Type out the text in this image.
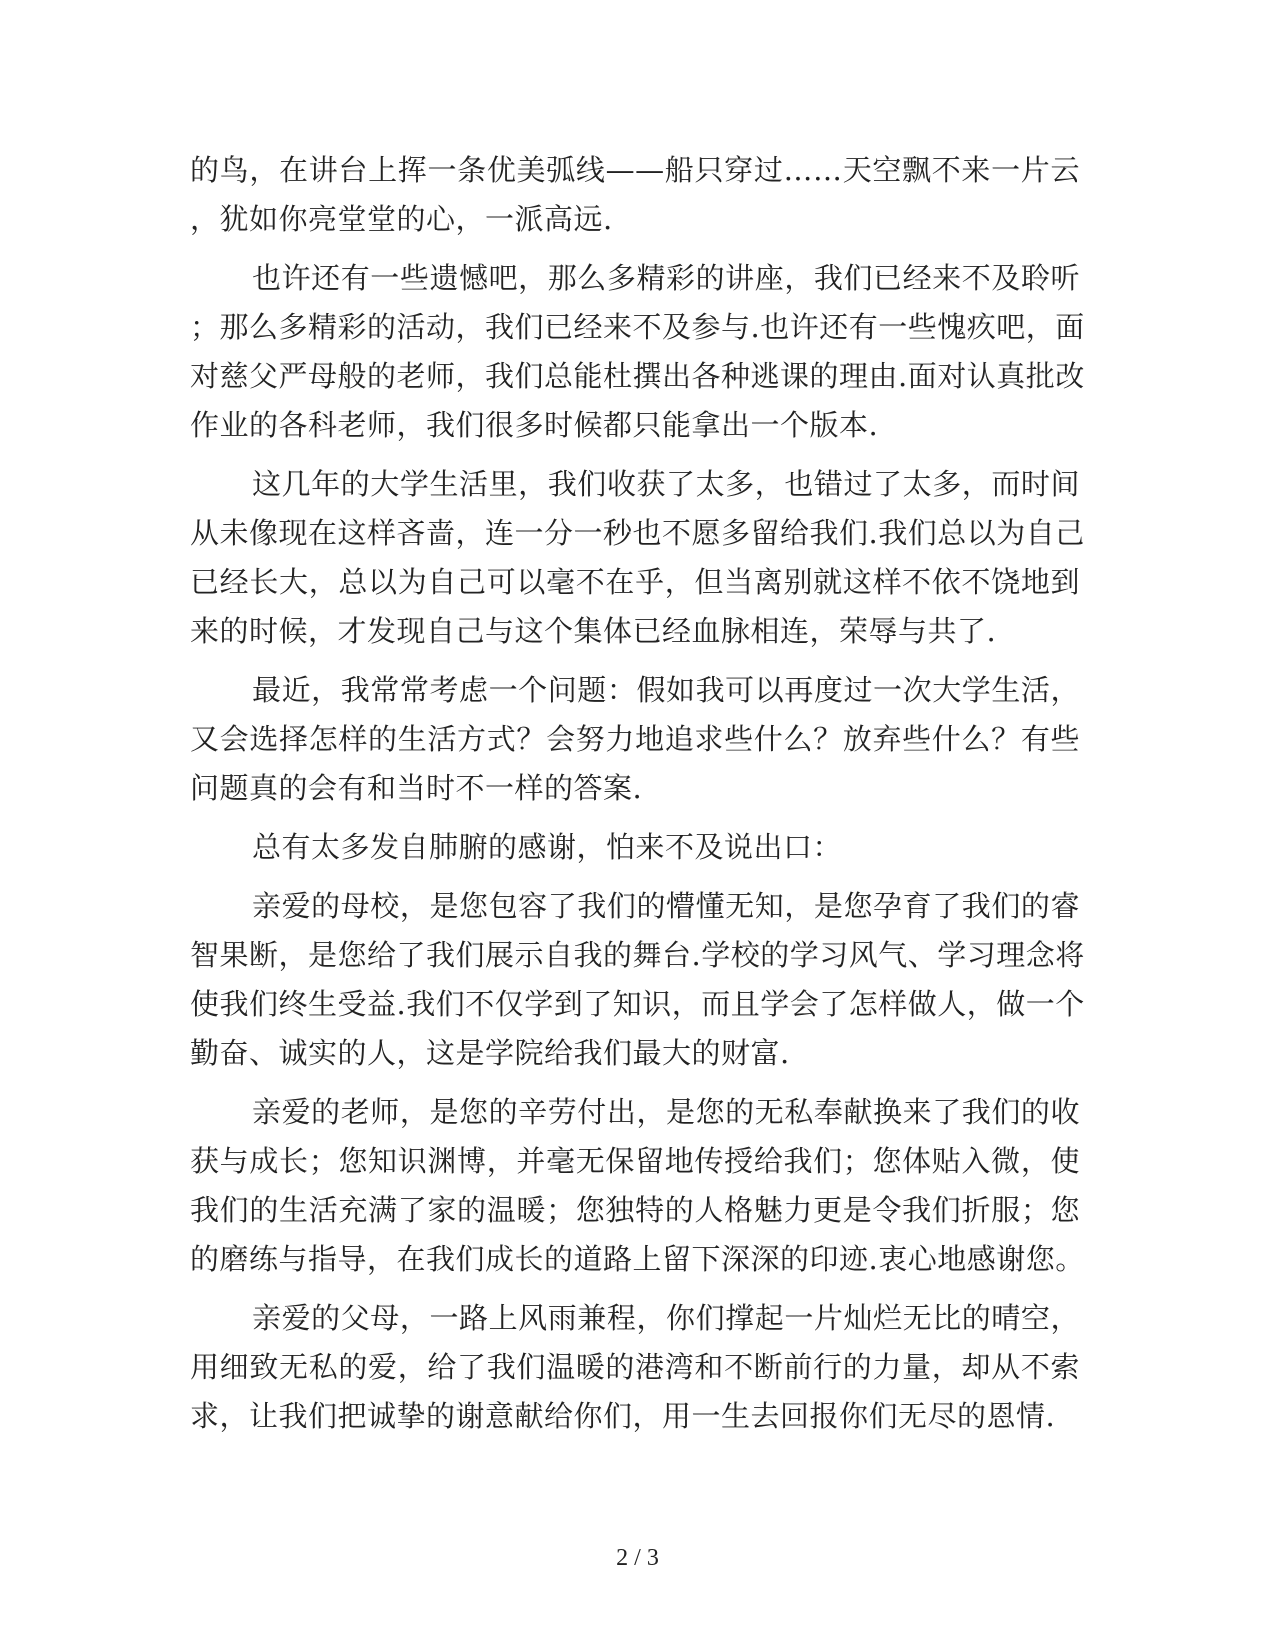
的鸟，在讲台上挥一条优美弧线——船只穿过……天空飘不来一片云
，犹如你亮堂堂的心，一派高远.
也许还有一些遗憾吧，那么多精彩的讲座，我们已经来不及聆听
；那么多精彩的活动，我们已经来不及参与.也许还有一些愧疚吧，面
对慈父严母般的老师，我们总能杜撰出各种逃课的理由.面对认真批改
作业的各科老师，我们很多时候都只能拿出一个版本.
这几年的大学生活里，我们收获了太多，也错过了太多，而时间
从未像现在这样吝啬，连一分一秒也不愿多留给我们.我们总以为自己
已经长大，总以为自己可以毫不在乎，但当离别就这样不依不饶地到
来的时候，才发现自己与这个集体已经血脉相连，荣辱与共了.
最近，我常常考虑一个问题：假如我可以再度过一次大学生活，
又会选择怎样的生活方式？会努力地追求些什么？放弃些什么？有些
问题真的会有和当时不一样的答案.
总有太多发自肺腑的感谢，怕来不及说出口：
亲爱的母校，是您包容了我们的懵懂无知，是您孕育了我们的睿
智果断，是您给了我们展示自我的舞台.学校的学习风气、学习理念将
使我们终生受益.我们不仅学到了知识，而且学会了怎样做人，做一个
勤奋、诚实的人，这是学院给我们最大的财富.
亲爱的老师，是您的辛劳付出，是您的无私奉献换来了我们的收
获与成长；您知识渊博，并毫无保留地传授给我们；您体贴入微，使
我们的生活充满了家的温暖；您独特的人格魅力更是令我们折服；您
的磨练与指导，在我们成长的道路上留下深深的印迹.衷心地感谢您。
亲爱的父母，一路上风雨兼程，你们撑起一片灿烂无比的晴空，
用细致无私的爱，给了我们温暖的港湾和不断前行的力量，却从不索
求，让我们把诚挚的谢意献给你们，用一生去回报你们无尽的恩情.
2 / 3
